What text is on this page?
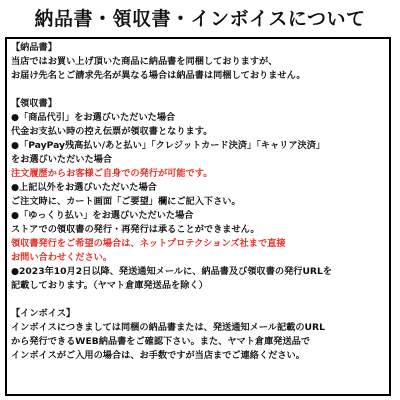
納品書・領収書・インボイスについて
【納品書】
当店ではお買い上げ頂いた商品に納品書を同梱しておりますが、
お届け先名とご請求先名が異なる場合は納品書は同梱しておりません。
【領収書】
●「商品代引」をお選びいただいた場合
代金お支払い時の控え伝票が領収書となります。
●「PayPay残高払い/あと払い」「クレジットカード決済」「キャリア決済」
をお選びいただいた場合
注文履歴からお客様ご自身での発行が可能です。
●上記以外をお選びいただいた場合
ご注文時に、カート画面「ご要望」欄にご記入下さい。
●「ゆっくり払い」をお選びいただいた場合
ストアでの領収書の発行・再発行は承ることができません。
領収書発行をご希望の場合は、ネットプロテクションズ社まで直接
お問い合わせください。
●2023年10月2日以降、発送通知メールに、納品書及び領収書の発行URLを
記載しております。（ヤマト倉庫発送品を除く）
【インボイス】
インボイスにつきましては同梱の納品書または、発送通知メール記載のURL
から発行できるWEB納品書をご確認下さい。また、ヤマト倉庫発送品で
インボイスがご入用の場合は、お手数ですが当店までご連絡ください。
